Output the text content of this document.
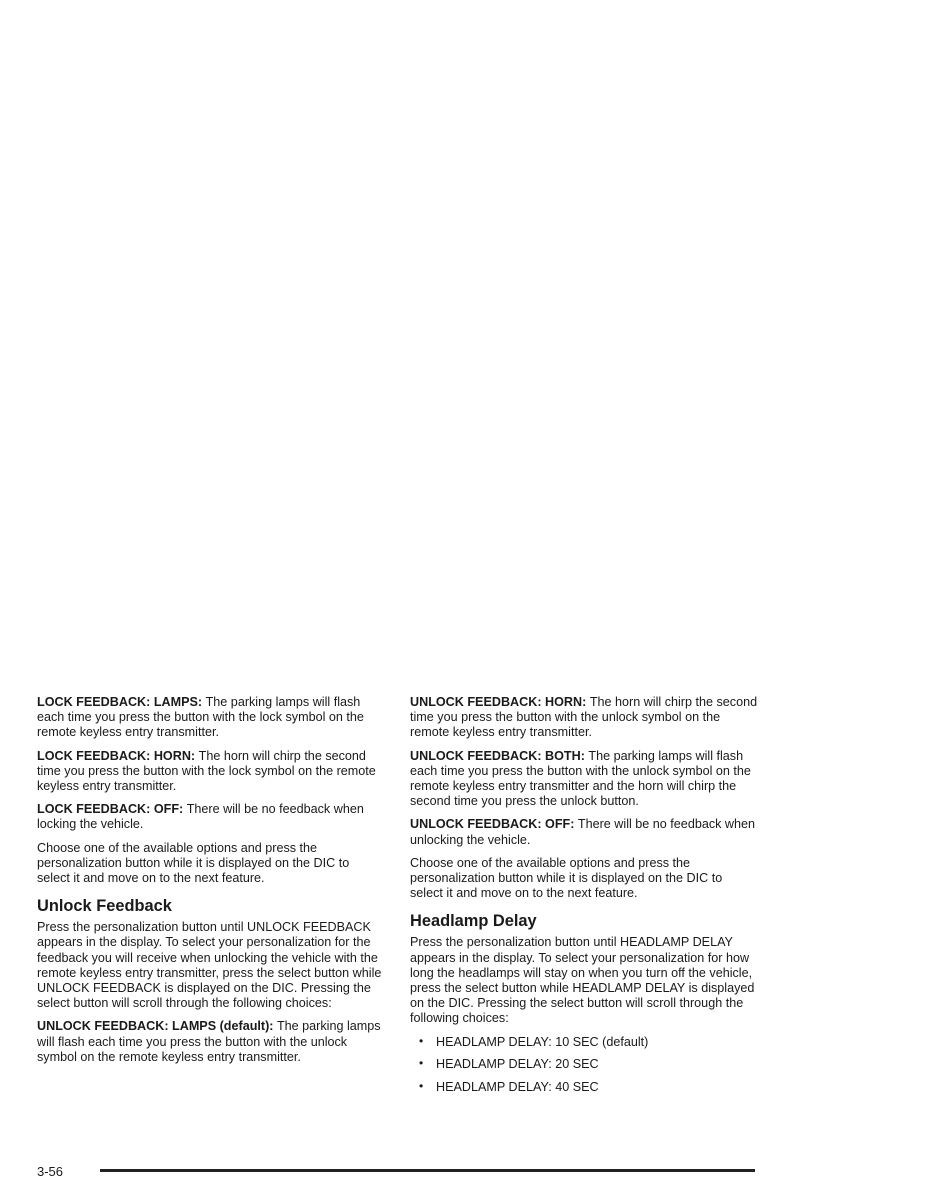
LOCK FEEDBACK: LAMPS: The parking lamps will flash each time you press the button with the lock symbol on the remote keyless entry transmitter.

LOCK FEEDBACK: HORN: The horn will chirp the second time you press the button with the lock symbol on the remote keyless entry transmitter.

LOCK FEEDBACK: OFF: There will be no feedback when locking the vehicle.

Choose one of the available options and press the personalization button while it is displayed on the DIC to select it and move on to the next feature.

Unlock Feedback

Press the personalization button until UNLOCK FEEDBACK appears in the display. To select your personalization for the feedback you will receive when unlocking the vehicle with the remote keyless entry transmitter, press the select button while UNLOCK FEEDBACK is displayed on the DIC. Pressing the select button will scroll through the following choices:

UNLOCK FEEDBACK: LAMPS (default): The parking lamps will flash each time you press the button with the unlock symbol on the remote keyless entry transmitter.

UNLOCK FEEDBACK: HORN: The horn will chirp the second time you press the button with the unlock symbol on the remote keyless entry transmitter.

UNLOCK FEEDBACK: BOTH: The parking lamps will flash each time you press the button with the unlock symbol on the remote keyless entry transmitter and the horn will chirp the second time you press the unlock button.

UNLOCK FEEDBACK: OFF: There will be no feedback when unlocking the vehicle.

Choose one of the available options and press the personalization button while it is displayed on the DIC to select it and move on to the next feature.

Headlamp Delay

Press the personalization button until HEADLAMP DELAY appears in the display. To select your personalization for how long the headlamps will stay on when you turn off the vehicle, press the select button while HEADLAMP DELAY is displayed on the DIC. Pressing the select button will scroll through the following choices:

• HEADLAMP DELAY: 10 SEC (default)
• HEADLAMP DELAY: 20 SEC
• HEADLAMP DELAY: 40 SEC
3-56
